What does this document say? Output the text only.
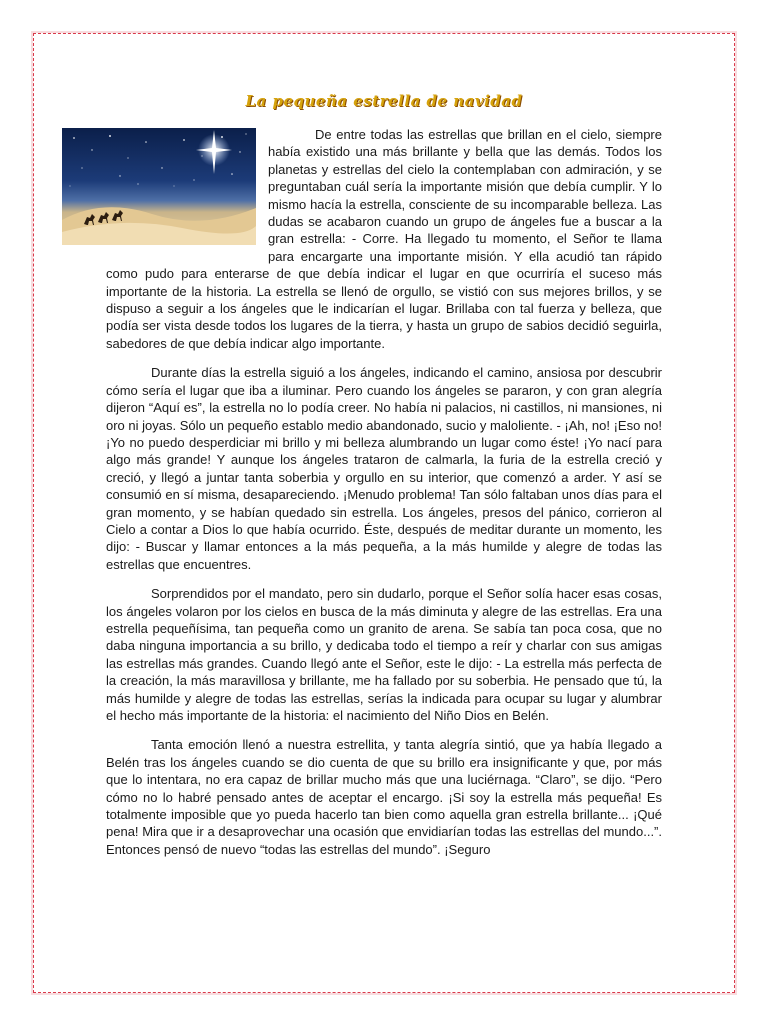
La pequeña estrella de navidad

De entre todas las estrellas que brillan en el cielo, siempre había existido una más brillante y bella que las demás. Todos los planetas y estrellas del cielo la contemplaban con admiración, y se preguntaban cuál sería la importante misión que debía cumplir. Y lo mismo hacía la estrella, consciente de su incomparable belleza. Las dudas se acabaron cuando un grupo de ángeles fue a buscar a la gran estrella: - Corre. Ha llegado tu momento, el Señor te llama para encargarte una importante misión. Y ella acudió tan rápido como pudo para enterarse de que debía indicar el lugar en que ocurriría el suceso más importante de la historia. La estrella se llenó de orgullo, se vistió con sus mejores brillos, y se dispuso a seguir a los ángeles que le indicarían el lugar. Brillaba con tal fuerza y belleza, que podía ser vista desde todos los lugares de la tierra, y hasta un grupo de sabios decidió seguirla, sabedores de que debía indicar algo importante.

Durante días la estrella siguió a los ángeles, indicando el camino, ansiosa por descubrir cómo sería el lugar que iba a iluminar. Pero cuando los ángeles se pararon, y con gran alegría dijeron “Aquí es”, la estrella no lo podía creer. No había ni palacios, ni castillos, ni mansiones, ni oro ni joyas. Sólo un pequeño establo medio abandonado, sucio y maloliente. - ¡Ah, no! ¡Eso no! ¡Yo no puedo desperdiciar mi brillo y mi belleza alumbrando un lugar como éste! ¡Yo nací para algo más grande! Y aunque los ángeles trataron de calmarla, la furia de la estrella creció y creció, y llegó a juntar tanta soberbia y orgullo en su interior, que comenzó a arder. Y así se consumió en sí misma, desapareciendo. ¡Menudo problema! Tan sólo faltaban unos días para el gran momento, y se habían quedado sin estrella. Los ángeles, presos del pánico, corrieron al Cielo a contar a Dios lo que había ocurrido. Éste, después de meditar durante un momento, les dijo: - Buscar y llamar entonces a la más pequeña, a la más humilde y alegre de todas las estrellas que encuentres.

Sorprendidos por el mandato, pero sin dudarlo, porque el Señor solía hacer esas cosas, los ángeles volaron por los cielos en busca de la más diminuta y alegre de las estrellas. Era una estrella pequeñísima, tan pequeña como un granito de arena. Se sabía tan poca cosa, que no daba ninguna importancia a su brillo, y dedicaba todo el tiempo a reír y charlar con sus amigas las estrellas más grandes. Cuando llegó ante el Señor, este le dijo: - La estrella más perfecta de la creación, la más maravillosa y brillante, me ha fallado por su soberbia. He pensado que tú, la más humilde y alegre de todas las estrellas, serías la indicada para ocupar su lugar y alumbrar el hecho más importante de la historia: el nacimiento del Niño Dios en Belén.

Tanta emoción llenó a nuestra estrellita, y tanta alegría sintió, que ya había llegado a Belén tras los ángeles cuando se dio cuenta de que su brillo era insignificante y que, por más que lo intentara, no era capaz de brillar mucho más que una luciérnaga. “Claro”, se dijo. “Pero cómo no lo habré pensado antes de aceptar el encargo. ¡Si soy la estrella más pequeña! Es totalmente imposible que yo pueda hacerlo tan bien como aquella gran estrella brillante... ¡Qué pena! Mira que ir a desaprovechar una ocasión que envidiarían todas las estrellas del mundo...”. Entonces pensó de nuevo “todas las estrellas del mundo”. ¡Seguro
